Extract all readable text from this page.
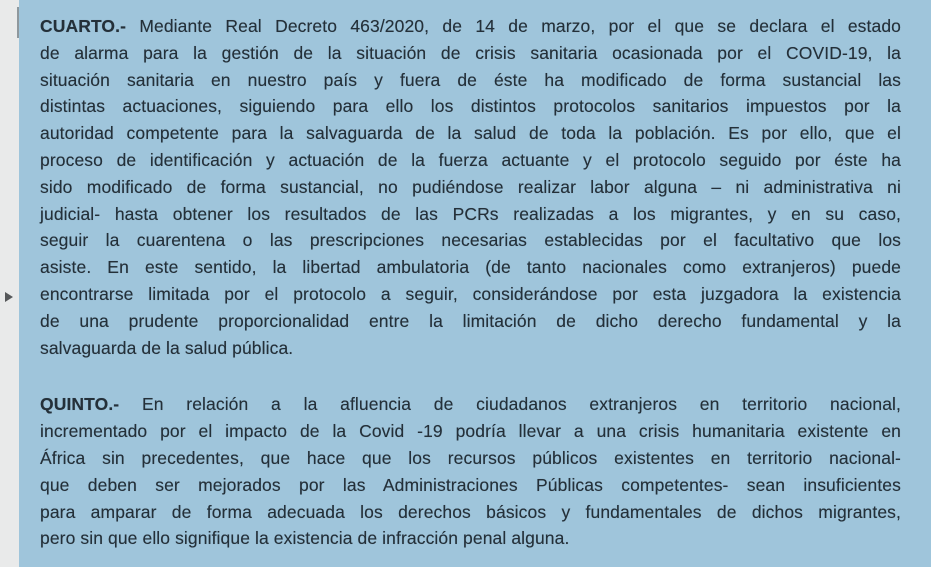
CUARTO.- Mediante Real Decreto 463/2020, de 14 de marzo, por el que se declara el estado
de alarma para la gestión de la situación de crisis sanitaria ocasionada por el COVID-19, la
situación sanitaria en nuestro país y fuera de éste ha modificado de forma sustancial las
distintas actuaciones, siguiendo para ello los distintos protocolos sanitarios impuestos por la
autoridad competente para la salvaguarda de la salud de toda la población. Es por ello, que el
proceso de identificación y actuación de la fuerza actuante y el protocolo seguido por éste ha
sido modificado de forma sustancial, no pudiéndose realizar labor alguna – ni administrativa ni
judicial- hasta obtener los resultados de las PCRs realizadas a los migrantes, y en su caso,
seguir la cuarentena o las prescripciones necesarias establecidas por el facultativo que los
asiste. En este sentido, la libertad ambulatoria (de tanto nacionales como extranjeros) puede
encontrarse limitada por el protocolo a seguir, considerándose por esta juzgadora la existencia
de una prudente proporcionalidad entre la limitación de dicho derecho fundamental y la
salvaguarda de la salud pública.
QUINTO.- En relación a la afluencia de ciudadanos extranjeros en territorio nacional,
incrementado por el impacto de la Covid -19 podría llevar a una crisis humanitaria existente en
África sin precedentes, que hace que los recursos públicos existentes en territorio nacional-
que deben ser mejorados por las Administraciones Públicas competentes- sean insuficientes
para amparar de forma adecuada los derechos básicos y fundamentales de dichos migrantes,
pero sin que ello signifique la existencia de infracción penal alguna.
